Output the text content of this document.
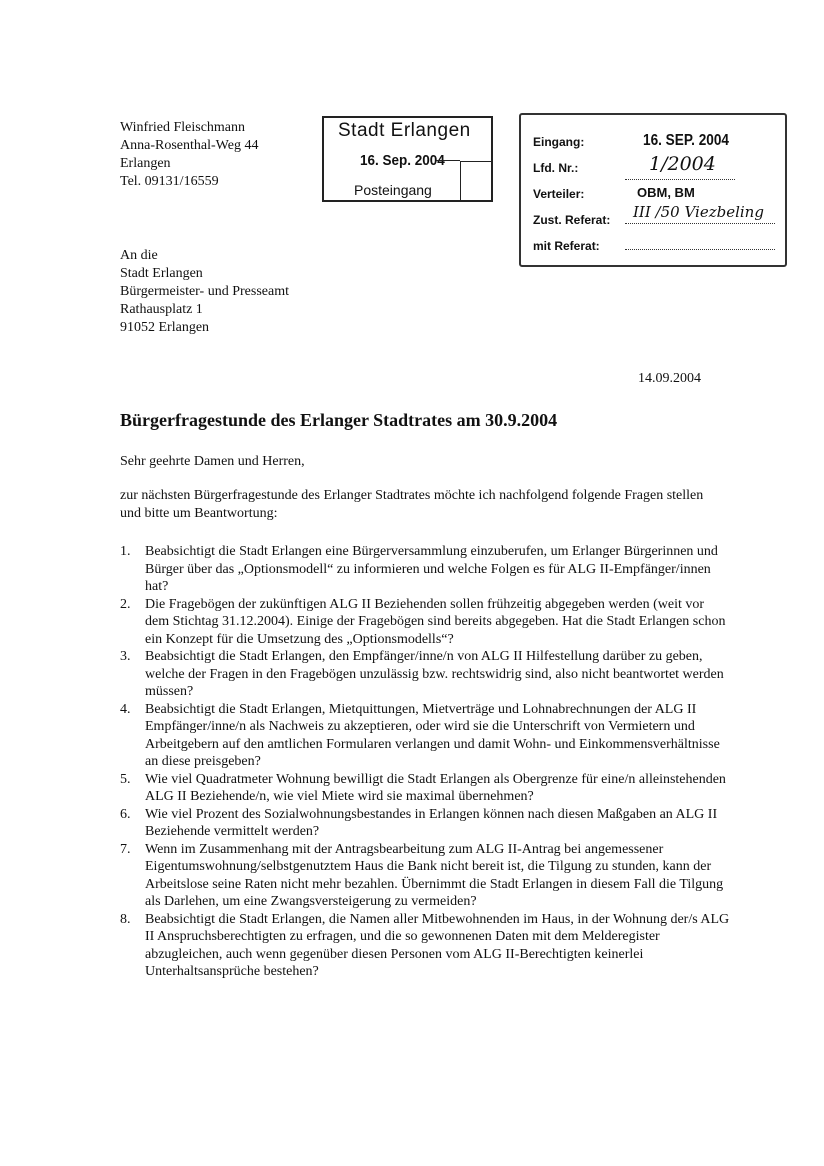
Winfried Fleischmann
Anna-Rosenthal-Weg 44
Erlangen
Tel. 09131/16559
Stadt Erlangen
16. Sep. 2004
Posteingang
Eingang:	16. SEP. 2004
Lfd. Nr.:	1/2004
Verteiler:	OBM, BM
Zust. Referat: III /50 Viezbeling
mit Referat:
An die
Stadt Erlangen
Bürgermeister- und Presseamt
Rathausplatz 1
91052 Erlangen
14.09.2004
Bürgerfragestunde des Erlanger Stadtrates am 30.9.2004
Sehr geehrte Damen und Herren,
zur nächsten Bürgerfragestunde des Erlanger Stadtrates möchte ich nachfolgend folgende Fragen stellen und bitte um Beantwortung:
1. Beabsichtigt die Stadt Erlangen eine Bürgerversammlung einzuberufen, um Erlanger Bürgerinnen und Bürger über das „Optionsmodell“ zu informieren und welche Folgen es für ALG II-Empfänger/innen hat?
2. Die Fragebögen der zukünftigen ALG II Beziehenden sollen frühzeitig abgegeben werden (weit vor dem Stichtag 31.12.2004). Einige der Fragebögen sind bereits abgegeben. Hat die Stadt Erlangen schon ein Konzept für die Umsetzung des „Optionsmodells“?
3. Beabsichtigt die Stadt Erlangen, den Empfänger/inne/n von ALG II Hilfestellung darüber zu geben, welche der Fragen in den Fragebögen unzulässig bzw. rechtswidrig sind, also nicht beantwortet werden müssen?
4. Beabsichtigt die Stadt Erlangen, Mietquittungen, Mietverträge und Lohnabrechnungen der ALG II Empfänger/inne/n als Nachweis zu akzeptieren, oder wird sie die Unterschrift von Vermietern und Arbeitgebern auf den amtlichen Formularen verlangen und damit Wohn- und Einkommensverhältnisse an diese preisgeben?
5. Wie viel Quadratmeter Wohnung bewilligt die Stadt Erlangen als Obergrenze für eine/n alleinstehenden ALG II Beziehende/n, wie viel Miete wird sie maximal übernehmen?
6. Wie viel Prozent des Sozialwohnungsbestandes in Erlangen können nach diesen Maßgaben an ALG II Beziehende vermittelt werden?
7. Wenn im Zusammenhang mit der Antragsbearbeitung zum ALG II-Antrag bei angemessener Eigentumswohnung/selbstgenutztem Haus die Bank nicht bereit ist, die Tilgung zu stunden, kann der Arbeitslose seine Raten nicht mehr bezahlen. Übernimmt die Stadt Erlangen in diesem Fall die Tilgung als Darlehen, um eine Zwangsversteigerung zu vermeiden?
8. Beabsichtigt die Stadt Erlangen, die Namen aller Mitbewohnenden im Haus, in der Wohnung der/s ALG II Anspruchsberechtigten zu erfragen, und die so gewonnenen Daten mit dem Melderegister abzugleichen, auch wenn gegenüber diesen Personen vom ALG II-Berechtigten keinerlei Unterhaltsansprüche bestehen?
